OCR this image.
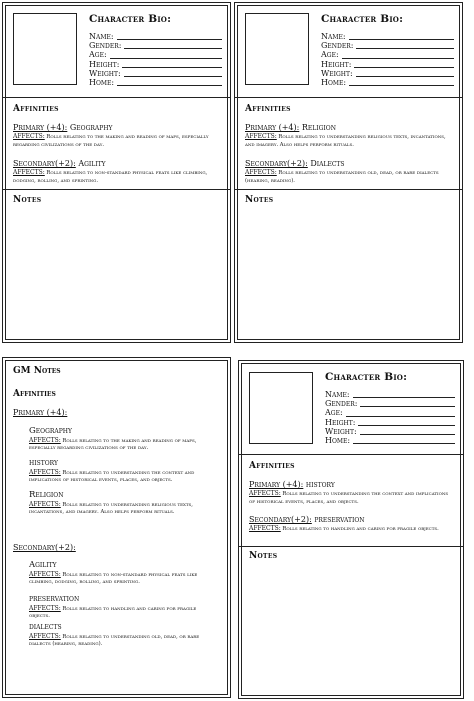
Character Bio:
Name:
Gender:
Age:
Height:
Weight:
Home:
Affinities
Primary (+4): Geography
AFFECTS: Rolls relating to the making and reading of maps, especially regarding civilizations of the day.
Secondary(+2): Agility
AFFECTS: Rolls relating to non-standard physical feats like climbing, dodging, rolling, and sprinting.
Notes
Character Bio:
Name:
Gender:
Age:
Height:
Weight:
Home:
Affinities
Primary (+4): Religion
AFFECTS: Rolls relating to understanding religious texts, incantations, and imagery. Also helps perform rituals.
Secondary(+2): Dialects
AFFECTS: Rolls relating to understanding old, dead, or rare dialects (hearing, reading).
Notes
GM Notes
Affinities
Primary (+4):
Geography
AFFECTS: Rolls relating to the making and reading of maps, especially regarding civilizations of the day.
history
AFFECTS: Rolls relating to understanding the context and implications of historical events, places, and objects.
Religion
AFFECTS: Rolls relating to understanding religious texts, incantations, and imagery. Also helps perform rituals.
Secondary(+2):
Agility
AFFECTS: Rolls relating to non-standard physical feats like climbing, dodging, rolling, and sprinting.
preservation
AFFECTS: Rolls relating to handling and caring for fragile objects.
dialects
AFFECTS: Rolls relating to understanding old, dead, or rare dialects (hearing, reading).
Character Bio:
Name:
Gender:
Age:
Height:
Weight:
Home:
Affinities
Primary (+4): history
AFFECTS: Rolls relating to understanding the context and implications of historical events, places, and objects.
Secondary(+2): preservation
AFFECTS: Rolls relating to handling and caring for fragile objects.
Notes
